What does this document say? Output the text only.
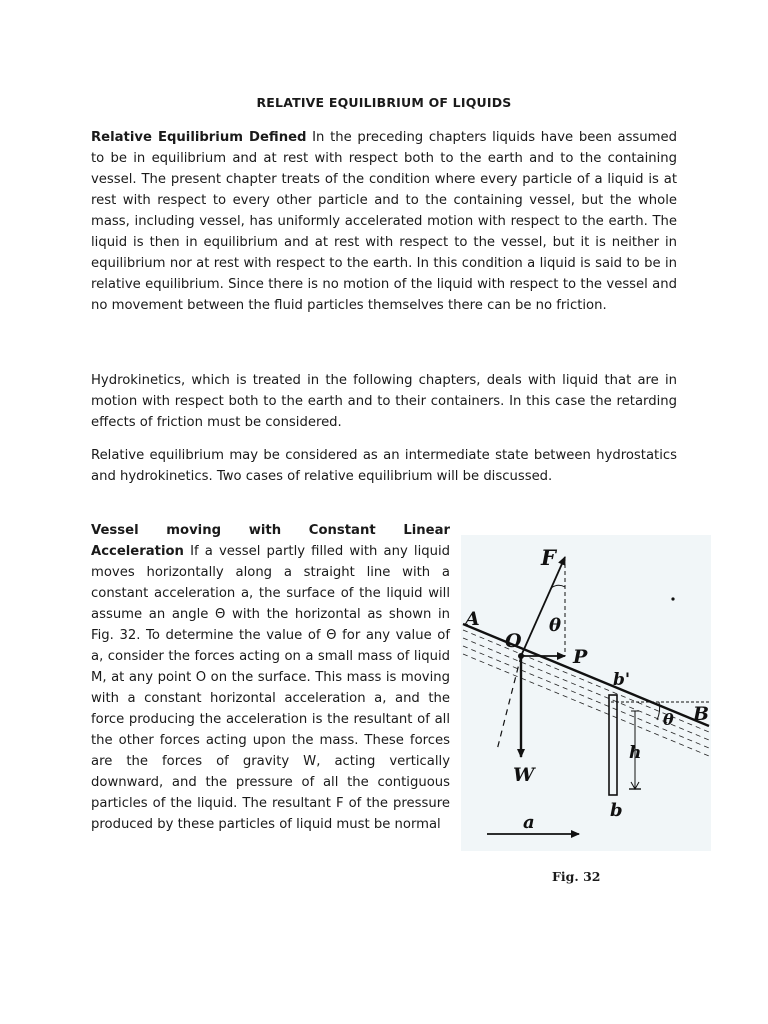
RELATIVE EQUILIBRIUM OF LIQUIDS

Relative Equilibrium Defined In the preceding chapters liquids have been assumed to be in equilibrium and at rest with respect both to the earth and to the containing vessel. The present chapter treats of the condition where every particle of a liquid is at rest with respect to every other particle and to the containing vessel, but the whole mass, including vessel, has uniformly accelerated motion with respect to the earth. The liquid is then in equilibrium and at rest with respect to the vessel, but it is neither in equilibrium nor at rest with respect to the earth. In this condition a liquid is said to be in relative equilibrium. Since there is no motion of the liquid with respect to the vessel and no movement between the fluid particles themselves there can be no friction.

Hydrokinetics, which is treated in the following chapters, deals with liquid that are in motion with respect both to the earth and to their containers. In this case the retarding effects of friction must be considered.

Relative equilibrium may be considered as an intermediate state between hydrostatics and hydrokinetics. Two cases of relative equilibrium will be discussed.

Vessel moving with Constant Linear Acceleration If a vessel partly filled with any liquid moves horizontally along a straight line with a constant acceleration a, the surface of the liquid will assume an angle Θ with the horizontal as shown in Fig. 32. To determine the value of Θ for any value of a, consider the forces acting on a small mass of liquid M, at any point O on the surface. This mass is moving with a constant horizontal acceleration a, and the force producing the acceleration is the resultant of all the other forces acting upon the mass. These forces are the forces of gravity W, acting vertically downward, and the pressure of all the contiguous particles of the liquid. The resultant F of the pressure produced by these particles of liquid must be normal

F
θ
A
O
P
b'
θ B
h
W
b
a
Fig. 32
